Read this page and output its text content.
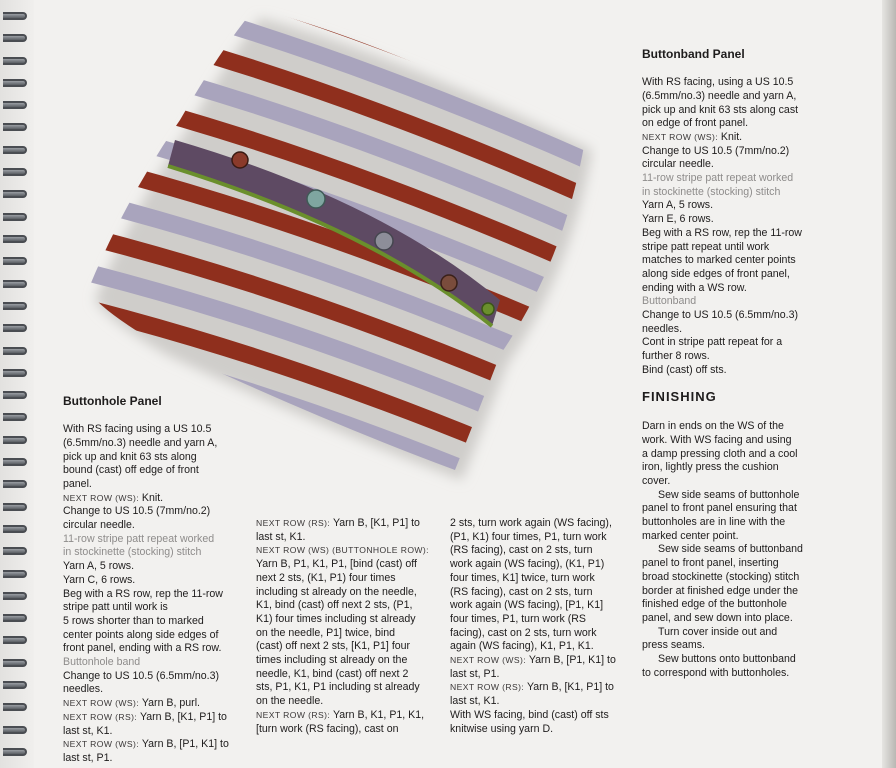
Buttonhole Panel

With RS facing using a US 10.5
(6.5mm/no.3) needle and yarn A,
pick up and knit 63 sts along
bound (cast) off edge of front
panel.
NEXT ROW (WS): Knit.
Change to US 10.5 (7mm/no.2)
circular needle.
11-row stripe patt repeat worked
in stockinette (stocking) stitch
Yarn A, 5 rows.
Yarn C, 6 rows.
Beg with a RS row, rep the 11-row
stripe patt until work is
5 rows shorter than to marked
center points along side edges of
front panel, ending with a RS row.
Buttonhole band
Change to US 10.5 (6.5mm/no.3)
needles.
NEXT ROW (WS): Yarn B, purl.
NEXT ROW (RS): Yarn B, [K1, P1] to
last st, K1.
NEXT ROW (WS): Yarn B, [P1, K1] to
last st, P1.
NEXT ROW (RS): Yarn B, [K1, P1] to
last st, K1.
NEXT ROW (WS) (BUTTONHOLE ROW):
Yarn B, P1, K1, P1, [bind (cast) off
next 2 sts, (K1, P1) four times
including st already on the needle,
K1, bind (cast) off next 2 sts, (P1,
K1) four times including st already
on the needle, P1] twice, bind
(cast) off next 2 sts, [K1, P1] four
times including st already on the
needle, K1, bind (cast) off next 2
sts, P1, K1, P1 including st already
on the needle.
NEXT ROW (RS): Yarn B, K1, P1, K1,
[turn work (RS facing), cast on
2 sts, turn work again (WS facing),
(P1, K1) four times, P1, turn work
(RS facing), cast on 2 sts, turn
work again (WS facing), (K1, P1)
four times, K1] twice, turn work
(RS facing), cast on 2 sts, turn
work again (WS facing), [P1, K1]
four times, P1, turn work (RS
facing), cast on 2 sts, turn work
again (WS facing), K1, P1, K1.
NEXT ROW (WS): Yarn B, [P1, K1] to
last st, P1.
NEXT ROW (RS): Yarn B, [K1, P1] to
last st, K1.
With WS facing, bind (cast) off sts
knitwise using yarn D.

Buttonband Panel

With RS facing, using a US 10.5
(6.5mm/no.3) needle and yarn A,
pick up and knit 63 sts along cast
on edge of front panel.
NEXT ROW (WS): Knit.
Change to US 10.5 (7mm/no.2)
circular needle.
11-row stripe patt repeat worked
in stockinette (stocking) stitch
Yarn A, 5 rows.
Yarn E, 6 rows.
Beg with a RS row, rep the 11-row
stripe patt repeat until work
matches to marked center points
along side edges of front panel,
ending with a WS row.
Buttonband
Change to US 10.5 (6.5mm/no.3)
needles.
Cont in stripe patt repeat for a
further 8 rows.
Bind (cast) off sts.

FINISHING

Darn in ends on the WS of the
work. With WS facing and using
a damp pressing cloth and a cool
iron, lightly press the cushion
cover.
Sew side seams of buttonhole
panel to front panel ensuring that
buttonholes are in line with the
marked center point.
Sew side seams of buttonband
panel to front panel, inserting
broad stockinette (stocking) stitch
border at finished edge under the
finished edge of the buttonhole
panel, and sew down into place.
Turn cover inside out and
press seams.
Sew buttons onto buttonband
to correspond with buttonholes.
